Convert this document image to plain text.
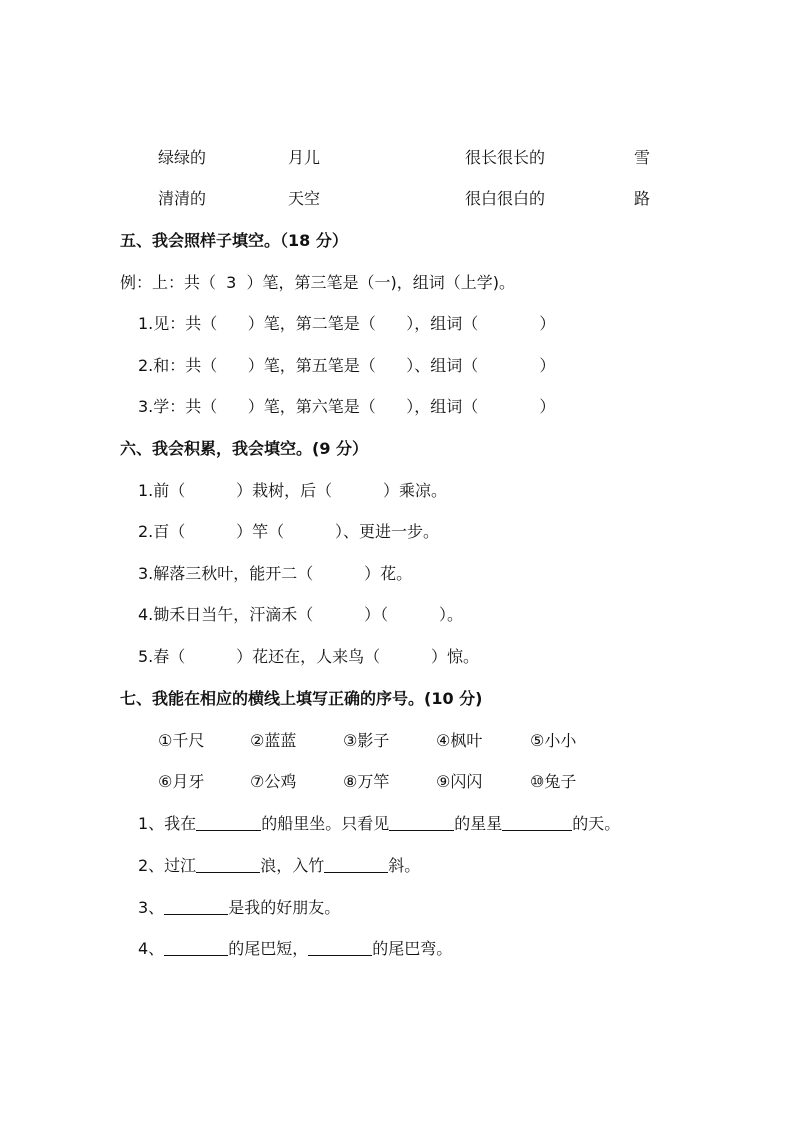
绿绿的	月儿	很长很长的	雪
清清的	天空	很白很白的	路
五、我会照样子填空。（18 分）
例：上：共（  3  ）笔，第三笔是（一)，组词（上学)。
1.见：共（      ）笔，第二笔是（      ），组词（            ）
2.和：共（      ）笔，第五笔是（      ）、组词（            ）
3.学：共（      ）笔，第六笔是（      ），组词（            ）
六、我会积累，我会填空。(9 分）
1.前（          ）栽树，后（          ）乘凉。
2.百（          ）竿（          ）、更进一步。
3.解落三秋叶，能开二（          ）花。
4.锄禾日当午，汗滴禾（          ）（          ）。
5.春（          ）花还在，人来鸟（          ）惊。
七、我能在相应的横线上填写正确的序号。(10 分)
①千尺	②蓝蓝	③影子	④枫叶	⑤小小
⑥月牙	⑦公鸡	⑧万竿	⑨闪闪	⑩兔子
1、我在	的船里坐。只看见	的星星	的天。
2、过江	浪，入竹	斜。
3、	是我的好朋友。
4、	的尾巴短，	的尾巴弯。
